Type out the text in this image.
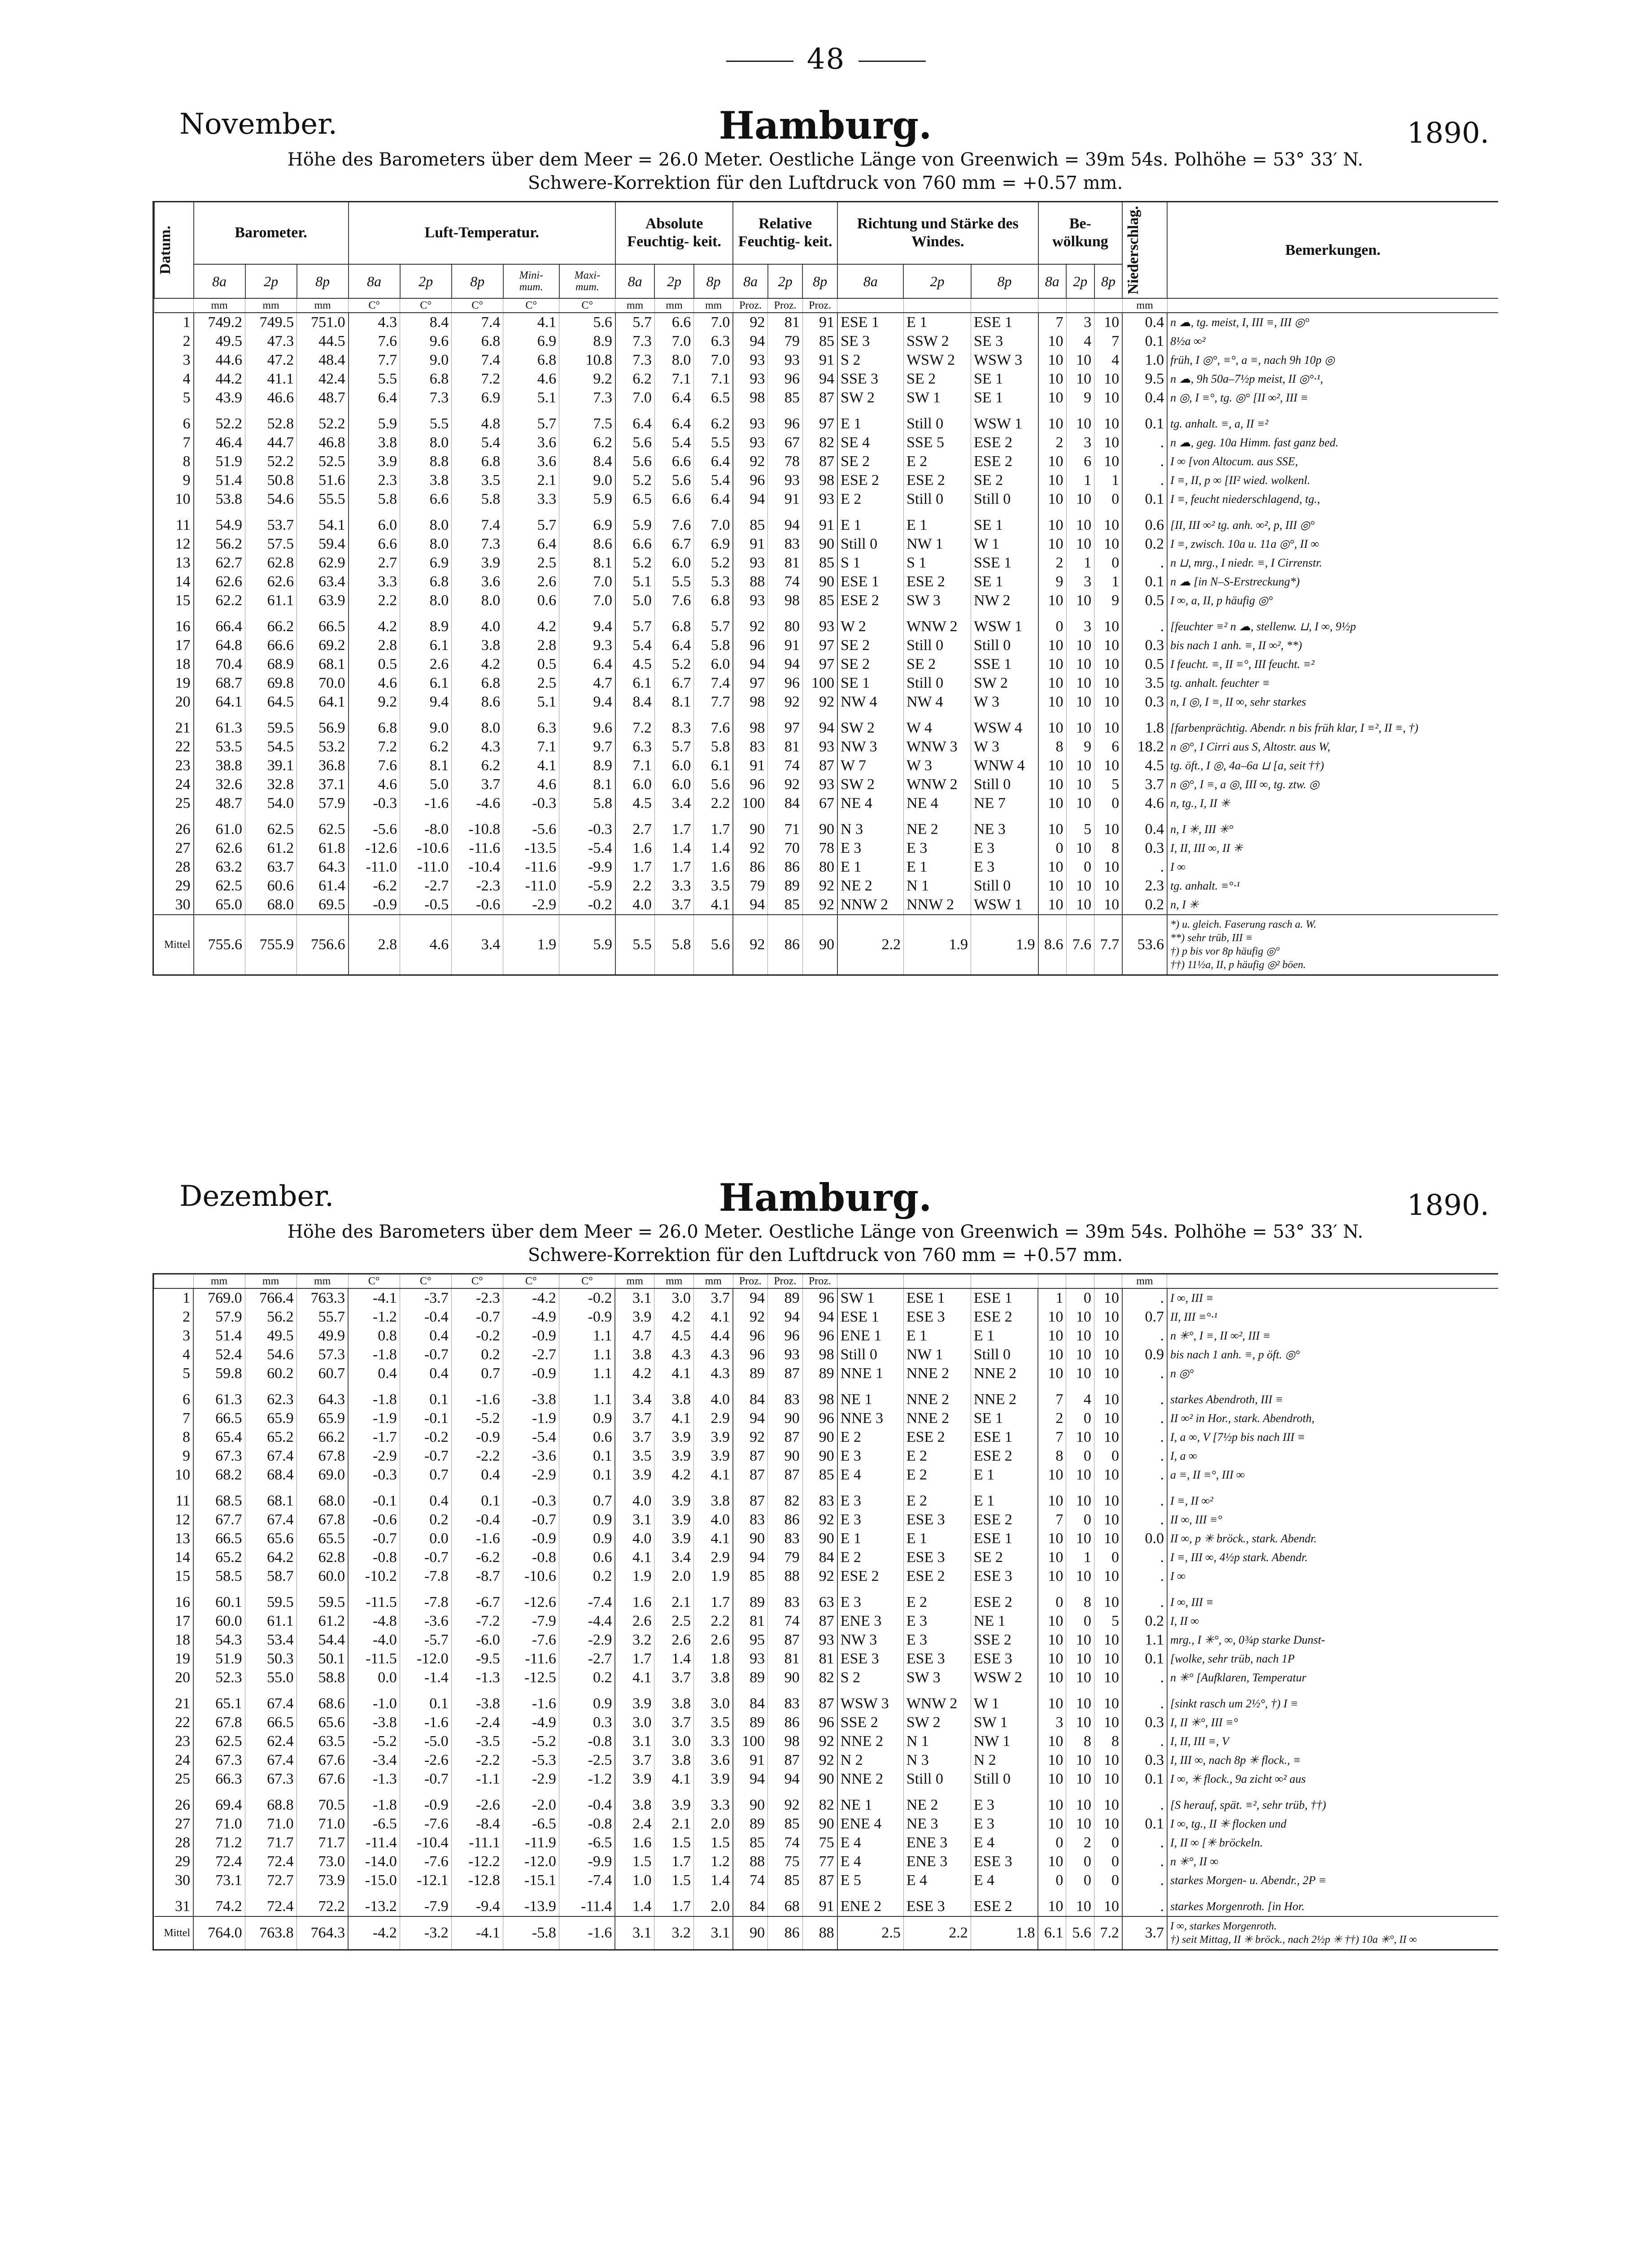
48
November.	Hamburg.	1890.
Höhe des Barometers über dem Meer = 26.0 Meter. Oestliche Länge von Greenwich = 39m 54s. Polhöhe = 53° 33′ N.
Schwere-Korrektion für den Luftdruck von 760 mm = +0.57 mm.
Datum.	Barometer.			Luft-Temperatur.					Absolute Feuchtig- keit.			Relative Feuchtig- keit.			Richtung und Stärke des Windes.			Be- wölkung			Niederschlag.	Bemerkungen.
	8a	2p	8p	8a	2p	8p	Mini- mum.	Maxi- mum.	8a	2p	8p	8a	2p	8p	8a	2p	8p	8a	2p	8p		
	mm	mm	mm	C°	C°	C°	C°	C°	mm	mm	mm	Proz.	Proz.	Proz.							mm	
1	749.2	749.5	751.0	4.3	8.4	7.4	4.1	5.6	5.7	6.6	7.0	92	81	91	ESE 1	E 1	ESE 1	7	3	10	0.4	n ☁, tg. meist, I, III ≡, III ◎°
2	49.5	47.3	44.5	7.6	9.6	6.8	6.9	8.9	7.3	7.0	6.3	94	79	85	SE 3	SSW 2	SE 3	10	4	7	0.1	8½a ∞²
3	44.6	47.2	48.4	7.7	9.0	7.4	6.8	10.8	7.3	8.0	7.0	93	93	91	S 2	WSW 2	WSW 3	10	10	4	1.0	früh, I ◎°, ≡°, a ≡, nach 9h 10p ◎
4	44.2	41.1	42.4	5.5	6.8	7.2	4.6	9.2	6.2	7.1	7.1	93	96	94	SSE 3	SE 2	SE 1	10	10	10	9.5	n ☁, 9h 50a–7½p meist, II ◎°·¹,
5	43.9	46.6	48.7	6.4	7.3	6.9	5.1	7.3	7.0	6.4	6.5	98	85	87	SW 2	SW 1	SE 1	10	9	10	0.4	n ◎, I ≡°, tg. ◎° [II ∞², III ≡
6	52.2	52.8	52.2	5.9	5.5	4.8	5.7	7.5	6.4	6.4	6.2	93	96	97	E 1	Still 0	WSW 1	10	10	10	0.1	tg. anhalt. ≡, a, II ≡²
7	46.4	44.7	46.8	3.8	8.0	5.4	3.6	6.2	5.6	5.4	5.5	93	67	82	SE 4	SSE 5	ESE 2	2	3	10	.	n ☁, geg. 10a Himm. fast ganz bed.
8	51.9	52.2	52.5	3.9	8.8	6.8	3.6	8.4	5.6	6.6	6.4	92	78	87	SE 2	E 2	ESE 2	10	6	10	.	I ∞ [von Altocum. aus SSE,
9	51.4	50.8	51.6	2.3	3.8	3.5	2.1	9.0	5.2	5.6	5.4	96	93	98	ESE 2	ESE 2	SE 2	10	1	1	.	I ≡, II, p ∞ [II² wied. wolkenl.
10	53.8	54.6	55.5	5.8	6.6	5.8	3.3	5.9	6.5	6.6	6.4	94	91	93	E 2	Still 0	Still 0	10	10	0	0.1	I ≡, feucht niederschlagend, tg.,
11	54.9	53.7	54.1	6.0	8.0	7.4	5.7	6.9	5.9	7.6	7.0	85	94	91	E 1	E 1	SE 1	10	10	10	0.6	[II, III ∞² tg. anh. ∞², p, III ◎°
12	56.2	57.5	59.4	6.6	8.0	7.3	6.4	8.6	6.6	6.7	6.9	91	83	90	Still 0	NW 1	W 1	10	10	10	0.2	I ≡, zwisch. 10a u. 11a ◎°, II ∞
13	62.7	62.8	62.9	2.7	6.9	3.9	2.5	8.1	5.2	6.0	5.2	93	81	85	S 1	S 1	SSE 1	2	1	0	.	n ⊔, mrg., I niedr. ≡, I Cirrenstr.
14	62.6	62.6	63.4	3.3	6.8	3.6	2.6	7.0	5.1	5.5	5.3	88	74	90	ESE 1	ESE 2	SE 1	9	3	1	0.1	n ☁ [in N–S-Erstreckung*)
15	62.2	61.1	63.9	2.2	8.0	8.0	0.6	7.0	5.0	7.6	6.8	93	98	85	ESE 2	SW 3	NW 2	10	10	9	0.5	I ∞, a, II, p häufig ◎°
16	66.4	66.2	66.5	4.2	8.9	4.0	4.2	9.4	5.7	6.8	5.7	92	80	93	W 2	WNW 2	WSW 1	0	3	10	.	[feuchter ≡² n ☁, stellenw. ⊔, I ∞, 9½p
17	64.8	66.6	69.2	2.8	6.1	3.8	2.8	9.3	5.4	6.4	5.8	96	91	97	SE 2	Still 0	Still 0	10	10	10	0.3	bis nach 1 anh. ≡, II ∞², **)
18	70.4	68.9	68.1	0.5	2.6	4.2	0.5	6.4	4.5	5.2	6.0	94	94	97	SE 2	SE 2	SSE 1	10	10	10	0.5	I feucht. ≡, II ≡°, III feucht. ≡²
19	68.7	69.8	70.0	4.6	6.1	6.8	2.5	4.7	6.1	6.7	7.4	97	96	100	SE 1	Still 0	SW 2	10	10	10	3.5	tg. anhalt. feuchter ≡
20	64.1	64.5	64.1	9.2	9.4	8.6	5.1	9.4	8.4	8.1	7.7	98	92	92	NW 4	NW 4	W 3	10	10	10	0.3	n, I ◎, I ≡, II ∞, sehr starkes
21	61.3	59.5	56.9	6.8	9.0	8.0	6.3	9.6	7.2	8.3	7.6	98	97	94	SW 2	W 4	WSW 4	10	10	10	1.8	[farbenprächtig. Abendr. n bis früh klar, I ≡², II ≡, †)
22	53.5	54.5	53.2	7.2	6.2	4.3	7.1	9.7	6.3	5.7	5.8	83	81	93	NW 3	WNW 3	W 3	8	9	6	18.2	n ◎°, I Cirri aus S, Altostr. aus W,
23	38.8	39.1	36.8	7.6	8.1	6.2	4.1	8.9	7.1	6.0	6.1	91	74	87	W 7	W 3	WNW 4	10	10	10	4.5	tg. öft., I ◎, 4a–6a ⊔ [a, seit ††)
24	32.6	32.8	37.1	4.6	5.0	3.7	4.6	8.1	6.0	6.0	5.6	96	92	93	SW 2	WNW 2	Still 0	10	10	5	3.7	n ◎°, I ≡, a ◎, III ∞, tg. ztw. ◎
25	48.7	54.0	57.9	-0.3	-1.6	-4.6	-0.3	5.8	4.5	3.4	2.2	100	84	67	NE 4	NE 4	NE 7	10	10	0	4.6	n, tg., I, II ✳
26	61.0	62.5	62.5	-5.6	-8.0	-10.8	-5.6	-0.3	2.7	1.7	1.7	90	71	90	N 3	NE 2	NE 3	10	5	10	0.4	n, I ✳, III ✳°
27	62.6	61.2	61.8	-12.6	-10.6	-11.6	-13.5	-5.4	1.6	1.4	1.4	92	70	78	E 3	E 3	E 3	0	10	8	0.3	I, II, III ∞, II ✳
28	63.2	63.7	64.3	-11.0	-11.0	-10.4	-11.6	-9.9	1.7	1.7	1.6	86	86	80	E 1	E 1	E 3	10	0	10	.	I ∞
29	62.5	60.6	61.4	-6.2	-2.7	-2.3	-11.0	-5.9	2.2	3.3	3.5	79	89	92	NE 2	N 1	Still 0	10	10	10	2.3	tg. anhalt. ≡°·¹
30	65.0	68.0	69.5	-0.9	-0.5	-0.6	-2.9	-0.2	4.0	3.7	4.1	94	85	92	NNW 2	NNW 2	WSW 1	10	10	10	0.2	n, I ✳
Mittel	755.6	755.9	756.6	2.8	4.6	3.4	1.9	5.9	5.5	5.8	5.6	92	86	90	2.2	1.9	1.9	8.6	7.6	7.7	53.6	*) u. gleich. Faserung rasch a. W.
**) sehr trüb, III ≡
†) p bis vor 8p häufig ◎°
††) 11½a, II, p häufig ◎² böen.
Dezember.	Hamburg.	1890.
Höhe des Barometers über dem Meer = 26.0 Meter. Oestliche Länge von Greenwich = 39m 54s. Polhöhe = 53° 33′ N.
Schwere-Korrektion für den Luftdruck von 760 mm = +0.57 mm.
	mm	mm	mm	C°	C°	C°	C°	C°	mm	mm	mm	Proz.	Proz.	Proz.							mm	
1	769.0	766.4	763.3	-4.1	-3.7	-2.3	-4.2	-0.2	3.1	3.0	3.7	94	89	96	SW 1	ESE 1	ESE 1	1	0	10	.	I ∞, III ≡
2	57.9	56.2	55.7	-1.2	-0.4	-0.7	-4.9	-0.9	3.9	4.2	4.1	92	94	94	ESE 1	ESE 3	ESE 2	10	10	10	0.7	II, III ≡°·¹
3	51.4	49.5	49.9	0.8	0.4	-0.2	-0.9	1.1	4.7	4.5	4.4	96	96	96	ENE 1	E 1	E 1	10	10	10	.	n ✳°, I ≡, II ∞², III ≡
4	52.4	54.6	57.3	-1.8	-0.7	0.2	-2.7	1.1	3.8	4.3	4.3	96	93	98	Still 0	NW 1	Still 0	10	10	10	0.9	bis nach 1 anh. ≡, p öft. ◎°
5	59.8	60.2	60.7	0.4	0.4	0.7	-0.9	1.1	4.2	4.1	4.3	89	87	89	NNE 1	NNE 2	NNE 2	10	10	10	.	n ◎°
6	61.3	62.3	64.3	-1.8	0.1	-1.6	-3.8	1.1	3.4	3.8	4.0	84	83	98	NE 1	NNE 2	NNE 2	7	4	10	.	starkes Abendroth, III ≡
7	66.5	65.9	65.9	-1.9	-0.1	-5.2	-1.9	0.9	3.7	4.1	2.9	94	90	96	NNE 3	NNE 2	SE 1	2	0	10	.	II ∞² in Hor., stark. Abendroth,
8	65.4	65.2	66.2	-1.7	-0.2	-0.9	-5.4	0.6	3.7	3.9	3.9	92	87	90	E 2	ESE 2	ESE 1	7	10	10	.	I, a ∞, V [7½p bis nach III ≡
9	67.3	67.4	67.8	-2.9	-0.7	-2.2	-3.6	0.1	3.5	3.9	3.9	87	90	90	E 3	E 2	ESE 2	8	0	0	.	I, a ∞
10	68.2	68.4	69.0	-0.3	0.7	0.4	-2.9	0.1	3.9	4.2	4.1	87	87	85	E 4	E 2	E 1	10	10	10	.	a ≡, II ≡°, III ∞
11	68.5	68.1	68.0	-0.1	0.4	0.1	-0.3	0.7	4.0	3.9	3.8	87	82	83	E 3	E 2	E 1	10	10	10	.	I ≡, II ∞²
12	67.7	67.4	67.8	-0.6	0.2	-0.4	-0.7	0.9	3.1	3.9	4.0	83	86	92	E 3	ESE 3	ESE 2	7	0	10	.	II ∞, III ≡°
13	66.5	65.6	65.5	-0.7	0.0	-1.6	-0.9	0.9	4.0	3.9	4.1	90	83	90	E 1	E 1	ESE 1	10	10	10	0.0	II ∞, p ✳ bröck., stark. Abendr.
14	65.2	64.2	62.8	-0.8	-0.7	-6.2	-0.8	0.6	4.1	3.4	2.9	94	79	84	E 2	ESE 3	SE 2	10	1	0	.	I ≡, III ∞, 4½p stark. Abendr.
15	58.5	58.7	60.0	-10.2	-7.8	-8.7	-10.6	0.2	1.9	2.0	1.9	85	88	92	ESE 2	ESE 2	ESE 3	10	10	10	.	I ∞
16	60.1	59.5	59.5	-11.5	-7.8	-6.7	-12.6	-7.4	1.6	2.1	1.7	89	83	63	E 3	E 2	ESE 2	0	8	10	.	I ∞, III ≡
17	60.0	61.1	61.2	-4.8	-3.6	-7.2	-7.9	-4.4	2.6	2.5	2.2	81	74	87	ENE 3	E 3	NE 1	10	0	5	0.2	I, II ∞
18	54.3	53.4	54.4	-4.0	-5.7	-6.0	-7.6	-2.9	3.2	2.6	2.6	95	87	93	NW 3	E 3	SSE 2	10	10	10	1.1	mrg., I ✳°, ∞, 0¾p starke Dunst-
19	51.9	50.3	50.1	-11.5	-12.0	-9.5	-11.6	-2.7	1.7	1.4	1.8	93	81	81	ESE 3	ESE 3	ESE 3	10	10	10	0.1	[wolke, sehr trüb, nach 1P
20	52.3	55.0	58.8	0.0	-1.4	-1.3	-12.5	0.2	4.1	3.7	3.8	89	90	82	S 2	SW 3	WSW 2	10	10	10	.	n ✳° [Aufklaren, Temperatur
21	65.1	67.4	68.6	-1.0	0.1	-3.8	-1.6	0.9	3.9	3.8	3.0	84	83	87	WSW 3	WNW 2	W 1	10	10	10	.	[sinkt rasch um 2½°, †) I ≡
22	67.8	66.5	65.6	-3.8	-1.6	-2.4	-4.9	0.3	3.0	3.7	3.5	89	86	96	SSE 2	SW 2	SW 1	3	10	10	0.3	I, II ✳°, III ≡°
23	62.5	62.4	63.5	-5.2	-5.0	-3.5	-5.2	-0.8	3.1	3.0	3.3	100	98	92	NNE 2	N 1	NW 1	10	8	8	.	I, II, III ≡, V
24	67.3	67.4	67.6	-3.4	-2.6	-2.2	-5.3	-2.5	3.7	3.8	3.6	91	87	92	N 2	N 3	N 2	10	10	10	0.3	I, III ∞, nach 8p ✳ flock., ≡
25	66.3	67.3	67.6	-1.3	-0.7	-1.1	-2.9	-1.2	3.9	4.1	3.9	94	94	90	NNE 2	Still 0	Still 0	10	10	10	0.1	I ∞, ✳ flock., 9a zicht ∞² aus
26	69.4	68.8	70.5	-1.8	-0.9	-2.6	-2.0	-0.4	3.8	3.9	3.3	90	92	82	NE 1	NE 2	E 3	10	10	10	.	[S herauf, spät. ≡², sehr trüb, ††)
27	71.0	71.0	71.0	-6.5	-7.6	-8.4	-6.5	-0.8	2.4	2.1	2.0	89	85	90	ENE 4	NE 3	E 3	10	10	10	0.1	I ∞, tg., II ✳ flocken und
28	71.2	71.7	71.7	-11.4	-10.4	-11.1	-11.9	-6.5	1.6	1.5	1.5	85	74	75	E 4	ENE 3	E 4	0	2	0	.	I, II ∞ [✳ bröckeln.
29	72.4	72.4	73.0	-14.0	-7.6	-12.2	-12.0	-9.9	1.5	1.7	1.2	88	75	77	E 4	ENE 3	ESE 3	10	0	0	.	n ✳°, II ∞
30	73.1	72.7	73.9	-15.0	-12.1	-12.8	-15.1	-7.4	1.0	1.5	1.4	74	85	87	E 5	E 4	E 4	0	0	0	.	starkes Morgen- u. Abendr., 2P ≡
31	74.2	72.4	72.2	-13.2	-7.9	-9.4	-13.9	-11.4	1.4	1.7	2.0	84	68	91	ENE 2	ESE 3	ESE 2	10	10	10	.	starkes Morgenroth. [in Hor.
Mittel	764.0	763.8	764.3	-4.2	-3.2	-4.1	-5.8	-1.6	3.1	3.2	3.1	90	86	88	2.5	2.2	1.8	6.1	5.6	7.2	3.7	I ∞, starkes Morgenroth.
†) seit Mittag, II ✳ bröck., nach 2½p ✳ ††) 10a ✳°, II ∞
